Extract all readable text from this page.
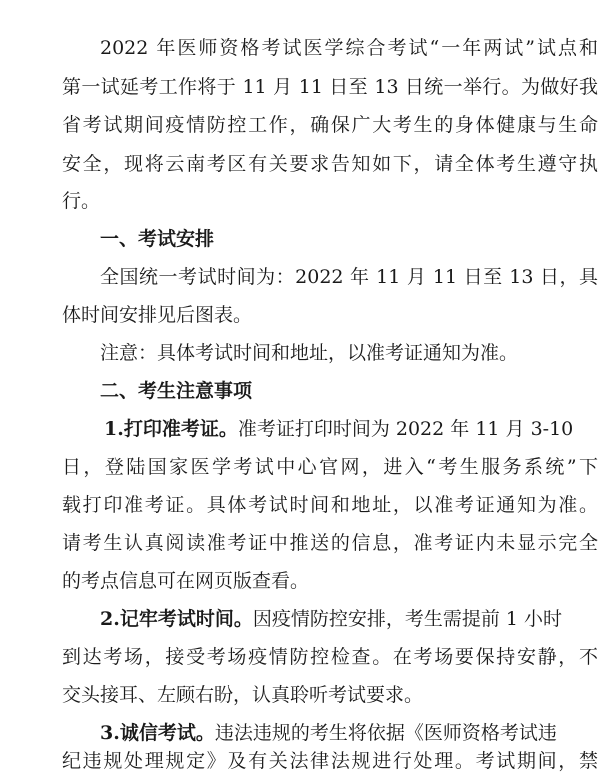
2022 年医师资格考试医学综合考试“一年两试”试点和
第一试延考工作将于 11 月 11 日至 13 日统一举行。为做好我
省考试期间疫情防控工作，确保广大考生的身体健康与生命
安全，现将云南考区有关要求告知如下，请全体考生遵守执
行。
一、考试安排
全国统一考试时间为：2022 年 11 月 11 日至 13 日，具
体时间安排见后图表。
注意：具体考试时间和地址，以准考证通知为准。
二、考生注意事项
1.打印准考证。准考证打印时间为 2022 年 11 月 3-10
日，登陆国家医学考试中心官网，进入“考生服务系统”下
载打印准考证。具体考试时间和地址，以准考证通知为准。
请考生认真阅读准考证中推送的信息，准考证内未显示完全
的考点信息可在网页版查看。
2.记牢考试时间。因疫情防控安排，考生需提前 1 小时
到达考场，接受考场疫情防控检查。在考场要保持安静，不
交头接耳、左顾右盼，认真聆听考试要求。
3.诚信考试。违法违规的考生将依据《医师资格考试违
纪违规处理规定》及有关法律法规进行处理。考试期间，禁
